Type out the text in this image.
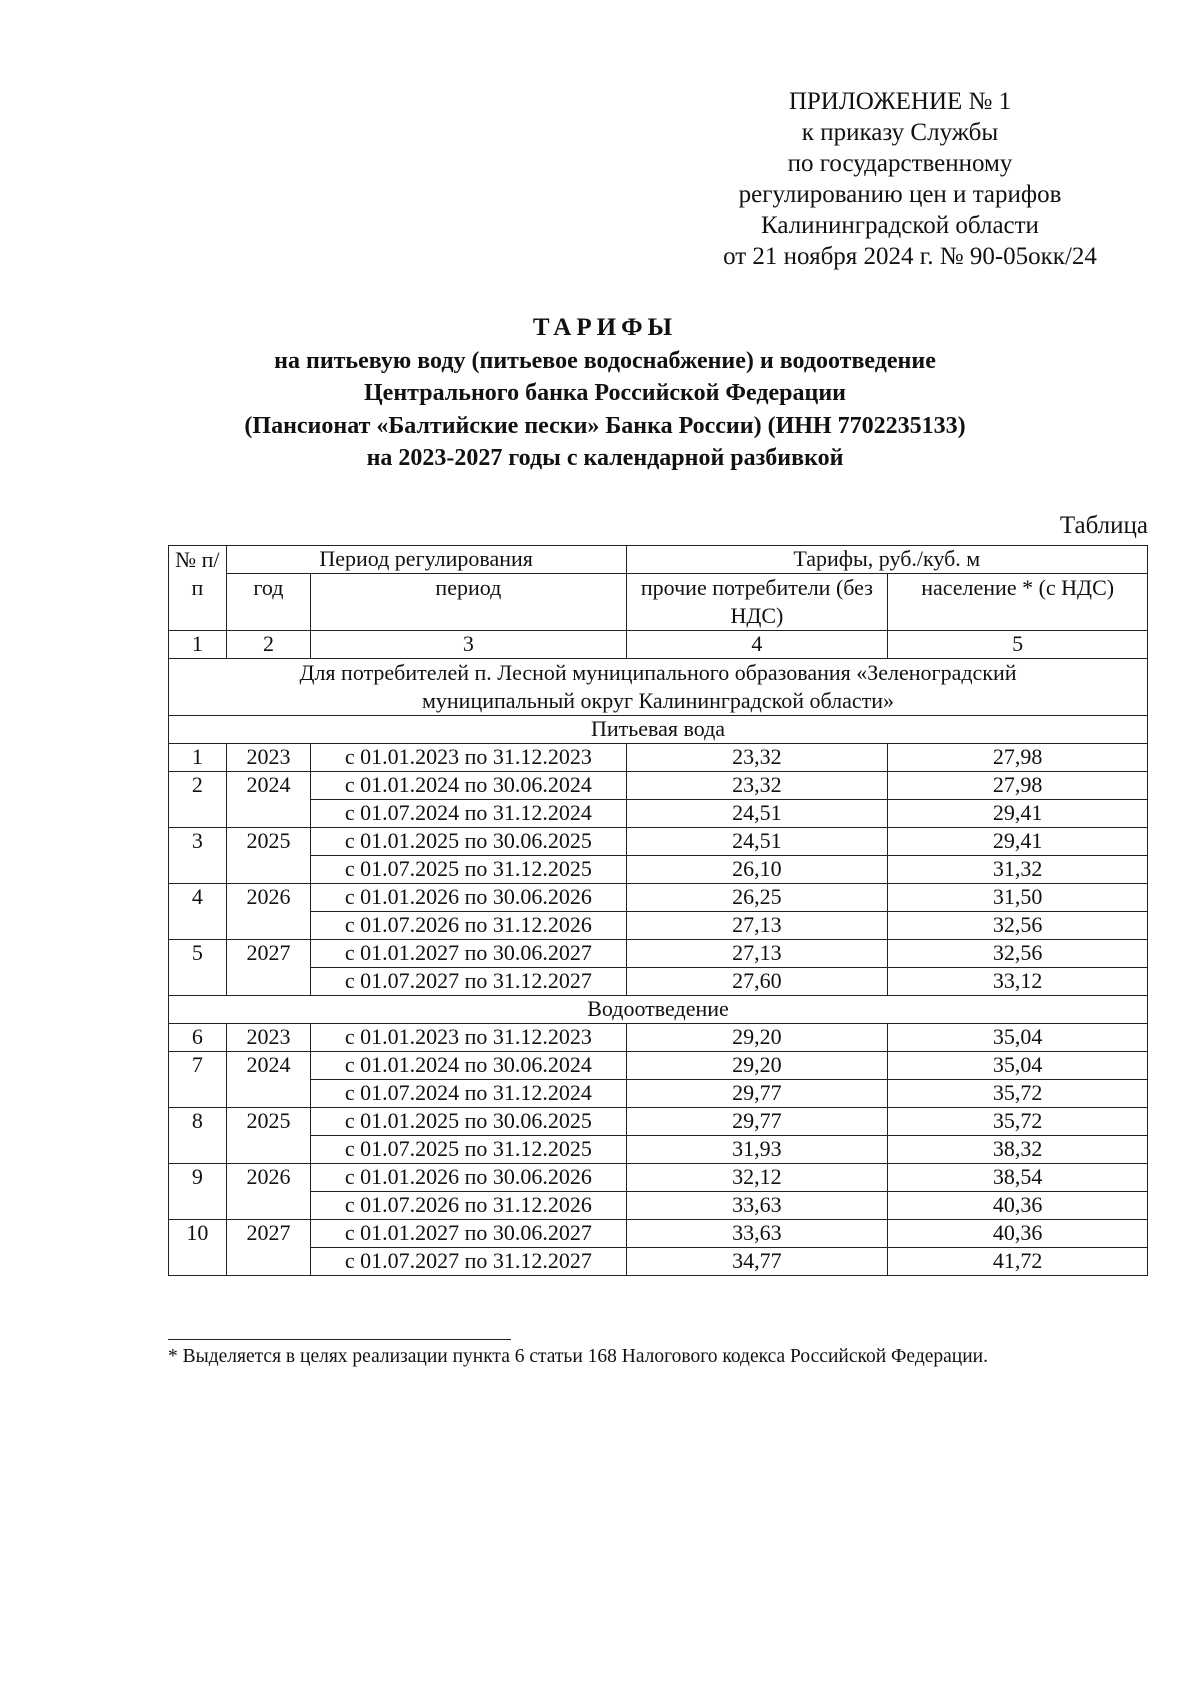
ПРИЛОЖЕНИЕ № 1
к приказу Службы
по государственному
регулированию цен и тарифов
Калининградской области
от 21 ноября 2024 г. № 90-05окк/24
ТАРИФЫ
на питьевую воду (питьевое водоснабжение) и водоотведение
Центрального банка Российской Федерации
(Пансионат «Балтийские пески» Банка России) (ИНН 7702235133)
на 2023-2027 годы с календарной разбивкой
Таблица
№ п/п	Период регулирования		Тарифы, руб./куб. м	
	год	период	прочие потребители (без НДС)	население * (с НДС)
1	2	3	4	5
Для потребителей п. Лесной муниципального образования «Зеленоградский муниципальный округ Калининградской области»				
Питьевая вода				
1	2023	с 01.01.2023 по 31.12.2023	23,32	27,98
2	2024	с 01.01.2024 по 30.06.2024	23,32	27,98
		с 01.07.2024 по 31.12.2024	24,51	29,41
3	2025	с 01.01.2025 по 30.06.2025	24,51	29,41
		с 01.07.2025 по 31.12.2025	26,10	31,32
4	2026	с 01.01.2026 по 30.06.2026	26,25	31,50
		с 01.07.2026 по 31.12.2026	27,13	32,56
5	2027	с 01.01.2027 по 30.06.2027	27,13	32,56
		с 01.07.2027 по 31.12.2027	27,60	33,12
Водоотведение				
6	2023	с 01.01.2023 по 31.12.2023	29,20	35,04
7	2024	с 01.01.2024 по 30.06.2024	29,20	35,04
		с 01.07.2024 по 31.12.2024	29,77	35,72
8	2025	с 01.01.2025 по 30.06.2025	29,77	35,72
		с 01.07.2025 по 31.12.2025	31,93	38,32
9	2026	с 01.01.2026 по 30.06.2026	32,12	38,54
		с 01.07.2026 по 31.12.2026	33,63	40,36
10	2027	с 01.01.2027 по 30.06.2027	33,63	40,36
		с 01.07.2027 по 31.12.2027	34,77	41,72
* Выделяется в целях реализации пункта 6 статьи 168 Налогового кодекса Российской Федерации.
